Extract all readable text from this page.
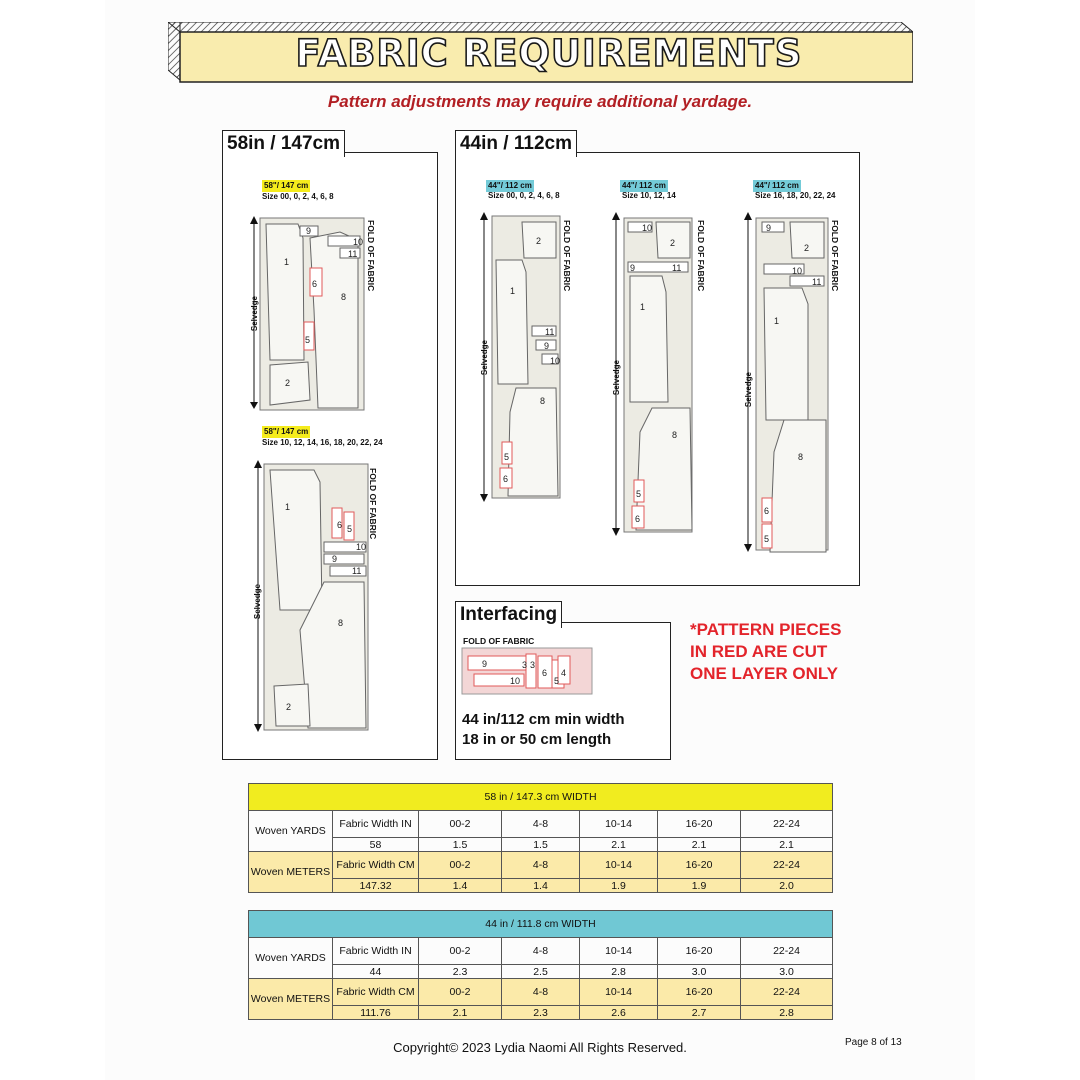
FABRIC REQUIREMENTS
Pattern adjustments may require additional yardage.
58in / 147cm
58"/ 147 cm
Size 00, 0, 2, 4, 6, 8
FOLD OF FABRIC
Selvedge
1
8
2
9
10
11
6
5
58"/ 147 cm
Size 10, 12, 14, 16, 18, 20, 22, 24
FOLD OF FABRIC
Selvedge
1
6 5
10
9
11
8
2
44in / 112cm
44"/ 112 cm
Size 00, 0, 2, 4, 6, 8
FOLD OF FABRIC
Selvedge
2
1
11
9
10
8
5
6
44"/ 112 cm
Size 10, 12, 14
FOLD OF FABRIC
Selvedge
10
2
9	11
1
8
5
6
44"/ 112 cm
Size 16, 18, 20, 22, 24
FOLD OF FABRIC
Selvedge
9
2
10
11
1
8
6
5
Interfacing
FOLD OF FABRIC
9
10
3 3
6
5
4
44 in/112 cm min width
18 in or 50 cm length
*PATTERN PIECES IN RED ARE CUT ONE LAYER ONLY
58 in / 147.3 cm WIDTH						
Woven YARDS	Fabric Width IN	00-2	4-8	10-14	16-20	22-24
	58	1.5	1.5	2.1	2.1	2.1
Woven METERS	Fabric Width CM	00-2	4-8	10-14	16-20	22-24
	147.32	1.4	1.4	1.9	1.9	2.0
44 in / 111.8 cm WIDTH						
Woven YARDS	Fabric Width IN	00-2	4-8	10-14	16-20	22-24
	44	2.3	2.5	2.8	3.0	3.0
Woven METERS	Fabric Width CM	00-2	4-8	10-14	16-20	22-24
	111.76	2.1	2.3	2.6	2.7	2.8
Copyright© 2023 Lydia Naomi All Rights Reserved.	Page 8 of 13
